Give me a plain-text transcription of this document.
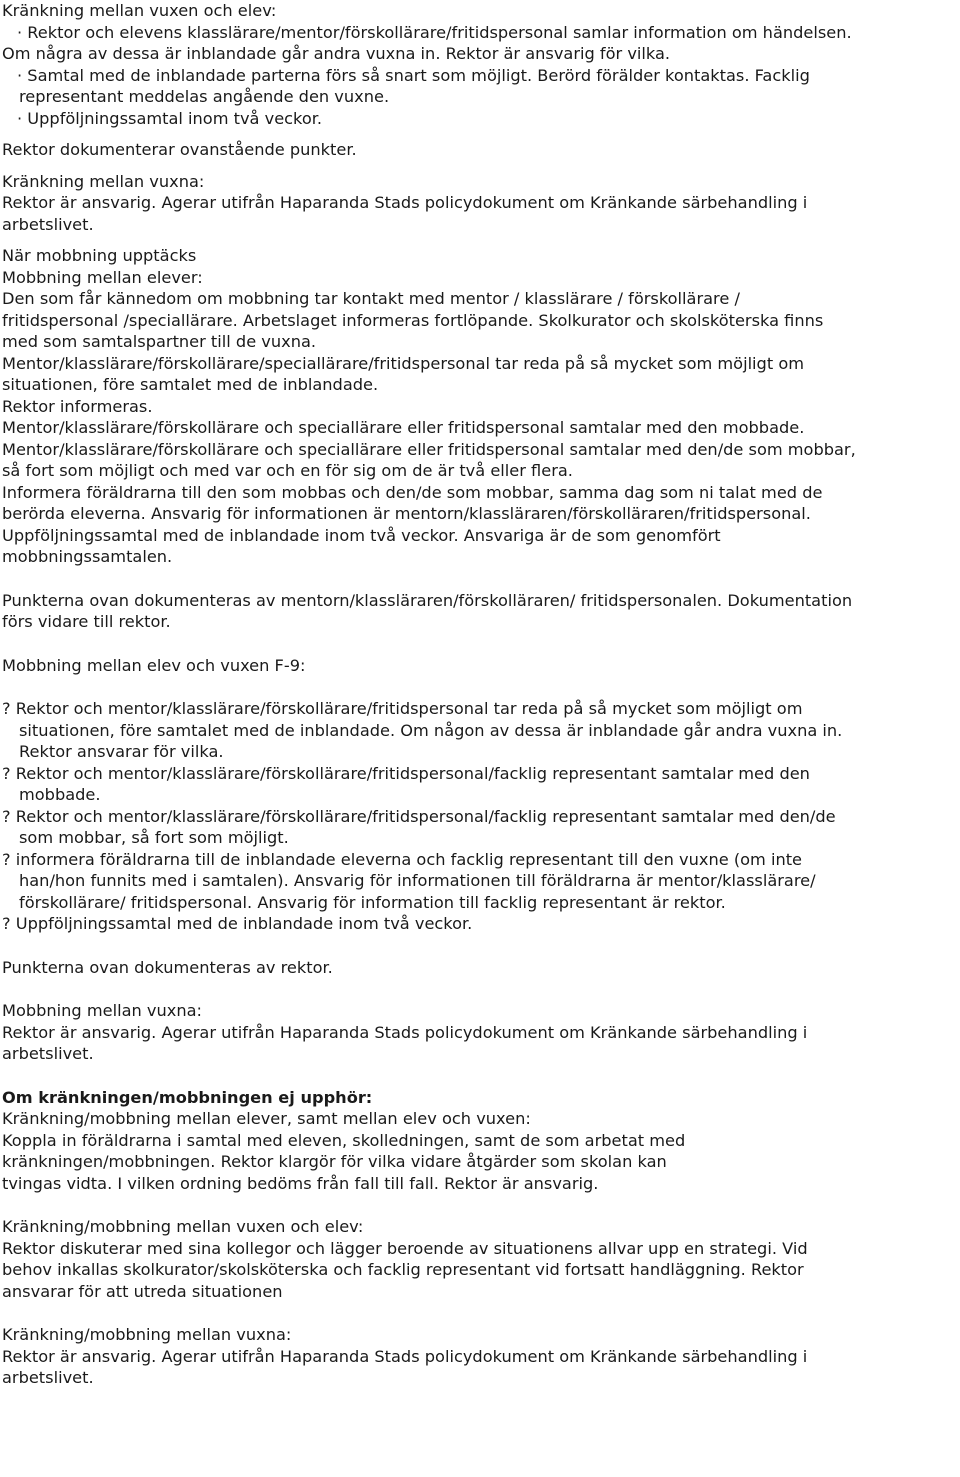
Kränkning mellan vuxen och elev:
· Rektor och elevens klasslärare/mentor/förskollärare/fritidspersonal samlar information om händelsen.
Om några av dessa är inblandade går andra vuxna in. Rektor är ansvarig för vilka.
· Samtal med de inblandade parterna förs så snart som möjligt. Berörd förälder kontaktas. Facklig
representant meddelas angående den vuxne.
· Uppföljningssamtal inom två veckor.
Rektor dokumenterar ovanstående punkter.
Kränkning mellan vuxna:
Rektor är ansvarig. Agerar utifrån Haparanda Stads policydokument om Kränkande särbehandling i
arbetslivet.
När mobbning upptäcks
Mobbning mellan elever:
Den som får kännedom om mobbning tar kontakt med mentor / klasslärare / förskollärare /
fritidspersonal /speciallärare. Arbetslaget informeras fortlöpande. Skolkurator och skolsköterska finns
med som samtalspartner till de vuxna.
Mentor/klasslärare/förskollärare/speciallärare/fritidspersonal tar reda på så mycket som möjligt om
situationen, före samtalet med de inblandade.
Rektor informeras.
Mentor/klasslärare/förskollärare och speciallärare eller fritidspersonal samtalar med den mobbade.
Mentor/klasslärare/förskollärare och speciallärare eller fritidspersonal samtalar med den/de som mobbar,
så fort som möjligt och med var och en för sig om de är två eller flera.
Informera föräldrarna till den som mobbas och den/de som mobbar, samma dag som ni talat med de
berörda eleverna. Ansvarig för informationen är mentorn/klassläraren/förskolläraren/fritidspersonal.
Uppföljningssamtal med de inblandade inom två veckor. Ansvariga är de som genomfört
mobbningssamtalen.
Punkterna ovan dokumenteras av mentorn/klassläraren/förskolläraren/ fritidspersonalen. Dokumentation
förs vidare till rektor.
Mobbning mellan elev och vuxen F-9:
? Rektor och mentor/klasslärare/förskollärare/fritidspersonal tar reda på så mycket som möjligt om
situationen, före samtalet med de inblandade. Om någon av dessa är inblandade går andra vuxna in.
Rektor ansvarar för vilka.
? Rektor och mentor/klasslärare/förskollärare/fritidspersonal/facklig representant samtalar med den
mobbade.
? Rektor och mentor/klasslärare/förskollärare/fritidspersonal/facklig representant samtalar med den/de
som mobbar, så fort som möjligt.
? informera föräldrarna till de inblandade eleverna och facklig representant till den vuxne (om inte
han/hon funnits med i samtalen). Ansvarig för informationen till föräldrarna är mentor/klasslärare/
förskollärare/ fritidspersonal. Ansvarig för information till facklig representant är rektor.
? Uppföljningssamtal med de inblandade inom två veckor.
Punkterna ovan dokumenteras av rektor.
Mobbning mellan vuxna:
Rektor är ansvarig. Agerar utifrån Haparanda Stads policydokument om Kränkande särbehandling i
arbetslivet.
Om kränkningen/mobbningen ej upphör:
Kränkning/mobbning mellan elever, samt mellan elev och vuxen:
Koppla in föräldrarna i samtal med eleven, skolledningen, samt de som arbetat med
kränkningen/mobbningen. Rektor klargör för vilka vidare åtgärder som skolan kan
tvingas vidta. I vilken ordning bedöms från fall till fall. Rektor är ansvarig.
Kränkning/mobbning mellan vuxen och elev:
Rektor diskuterar med sina kollegor och lägger beroende av situationens allvar upp en strategi. Vid
behov inkallas skolkurator/skolsköterska och facklig representant vid fortsatt handläggning. Rektor
ansvarar för att utreda situationen
Kränkning/mobbning mellan vuxna:
Rektor är ansvarig. Agerar utifrån Haparanda Stads policydokument om Kränkande särbehandling i
arbetslivet.
